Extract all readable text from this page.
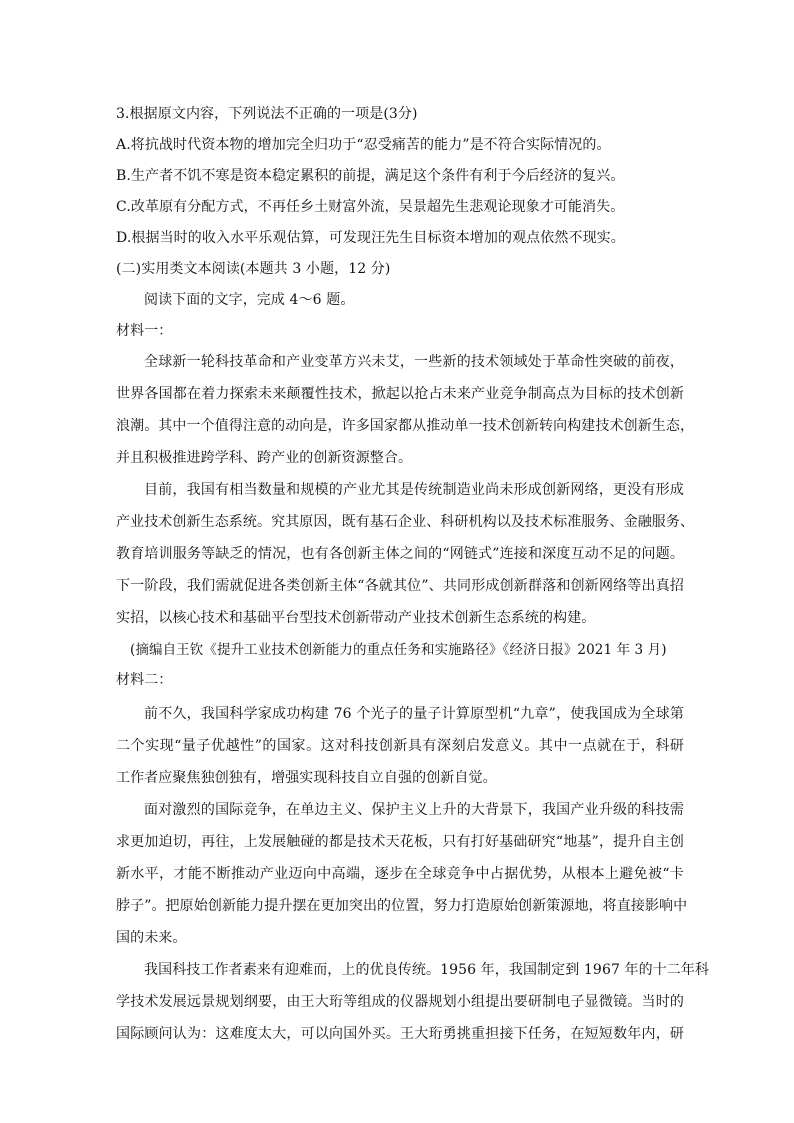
3.根据原文内容，下列说法不正确的一项是(3分)
A.将抗战时代资本物的增加完全归功于“忍受痛苦的能力”是不符合实际情况的。
B.生产者不饥不寒是资本稳定累积的前提，满足这个条件有利于今后经济的复兴。
C.改革原有分配方式，不再任乡土财富外流，吴景超先生悲观论现象才可能消失。
D.根据当时的收入水平乐观估算，可发现汪先生目标资本增加的观点依然不现实。
(二)实用类文本阅读(本题共 3 小题，12 分)
阅读下面的文字，完成 4～6 题。
材料一：
全球新一轮科技革命和产业变革方兴未艾，一些新的技术领域处于革命性突破的前夜，
世界各国都在着力探索未来颠覆性技术，掀起以抢占未来产业竞争制高点为目标的技术创新
浪潮。其中一个值得注意的动向是，许多国家都从推动单一技术创新转向构建技术创新生态，
并且积极推进跨学科、跨产业的创新资源整合。
目前，我国有相当数量和规模的产业尤其是传统制造业尚未形成创新网络，更没有形成
产业技术创新生态系统。究其原因，既有基石企业、科研机构以及技术标准服务、金融服务、
教育培训服务等缺乏的情况，也有各创新主体之间的“网链式”连接和深度互动不足的问题。
下一阶段，我们需就促进各类创新主体“各就其位”、共同形成创新群落和创新网络等出真招
实招，以核心技术和基础平台型技术创新带动产业技术创新生态系统的构建。
(摘编自王钦《提升工业技术创新能力的重点任务和实施路径》《经济日报》2021 年 3 月)
材料二：
前不久，我国科学家成功构建 76 个光子的量子计算原型机“九章”，使我国成为全球第
二个实现“量子优越性”的国家。这对科技创新具有深刻启发意义。其中一点就在于，科研
工作者应聚焦独创独有，增强实现科技自立自强的创新自觉。
面对激烈的国际竞争，在单边主义、保护主义上升的大背景下，我国产业升级的科技需
求更加迫切，再往，上发展触碰的都是技术天花板，只有打好基础研究“地基”，提升自主创
新水平，才能不断推动产业迈向中高端，逐步在全球竞争中占据优势，从根本上避免被“卡
脖子”。把原始创新能力提升摆在更加突出的位置，努力打造原始创新策源地，将直接影响中
国的未来。
我国科技工作者素来有迎难而，上的优良传统。1956 年，我国制定到 1967 年的十二年科
学技术发展远景规划纲要，由王大珩等组成的仪器规划小组提出要研制电子显微镜。当时的
国际顾问认为：这难度太大，可以向国外买。王大珩勇挑重担接下任务，在短短数年内，研
